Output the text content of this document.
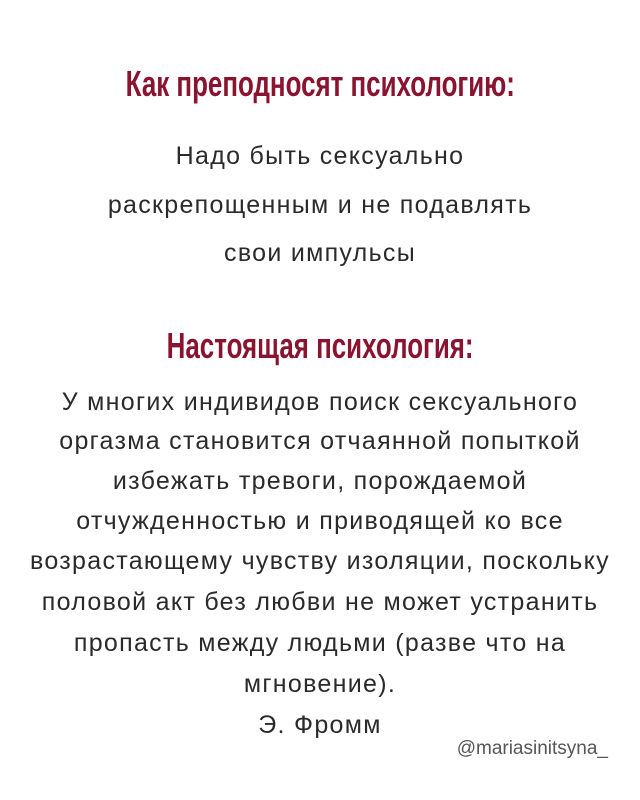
Как преподносят психологию:
Надо быть сексуально
раскрепощенным и не подавлять
свои импульсы
Настоящая психология:
У многих индивидов поиск сексуального
оргазма становится отчаянной попыткой
избежать тревоги, порождаемой
отчужденностью и приводящей ко все
возрастающему чувству изоляции, поскольку
половой акт без любви не может устранить
пропасть между людьми (разве что на
мгновение).
Э. Фромм
@mariasinitsyna_
